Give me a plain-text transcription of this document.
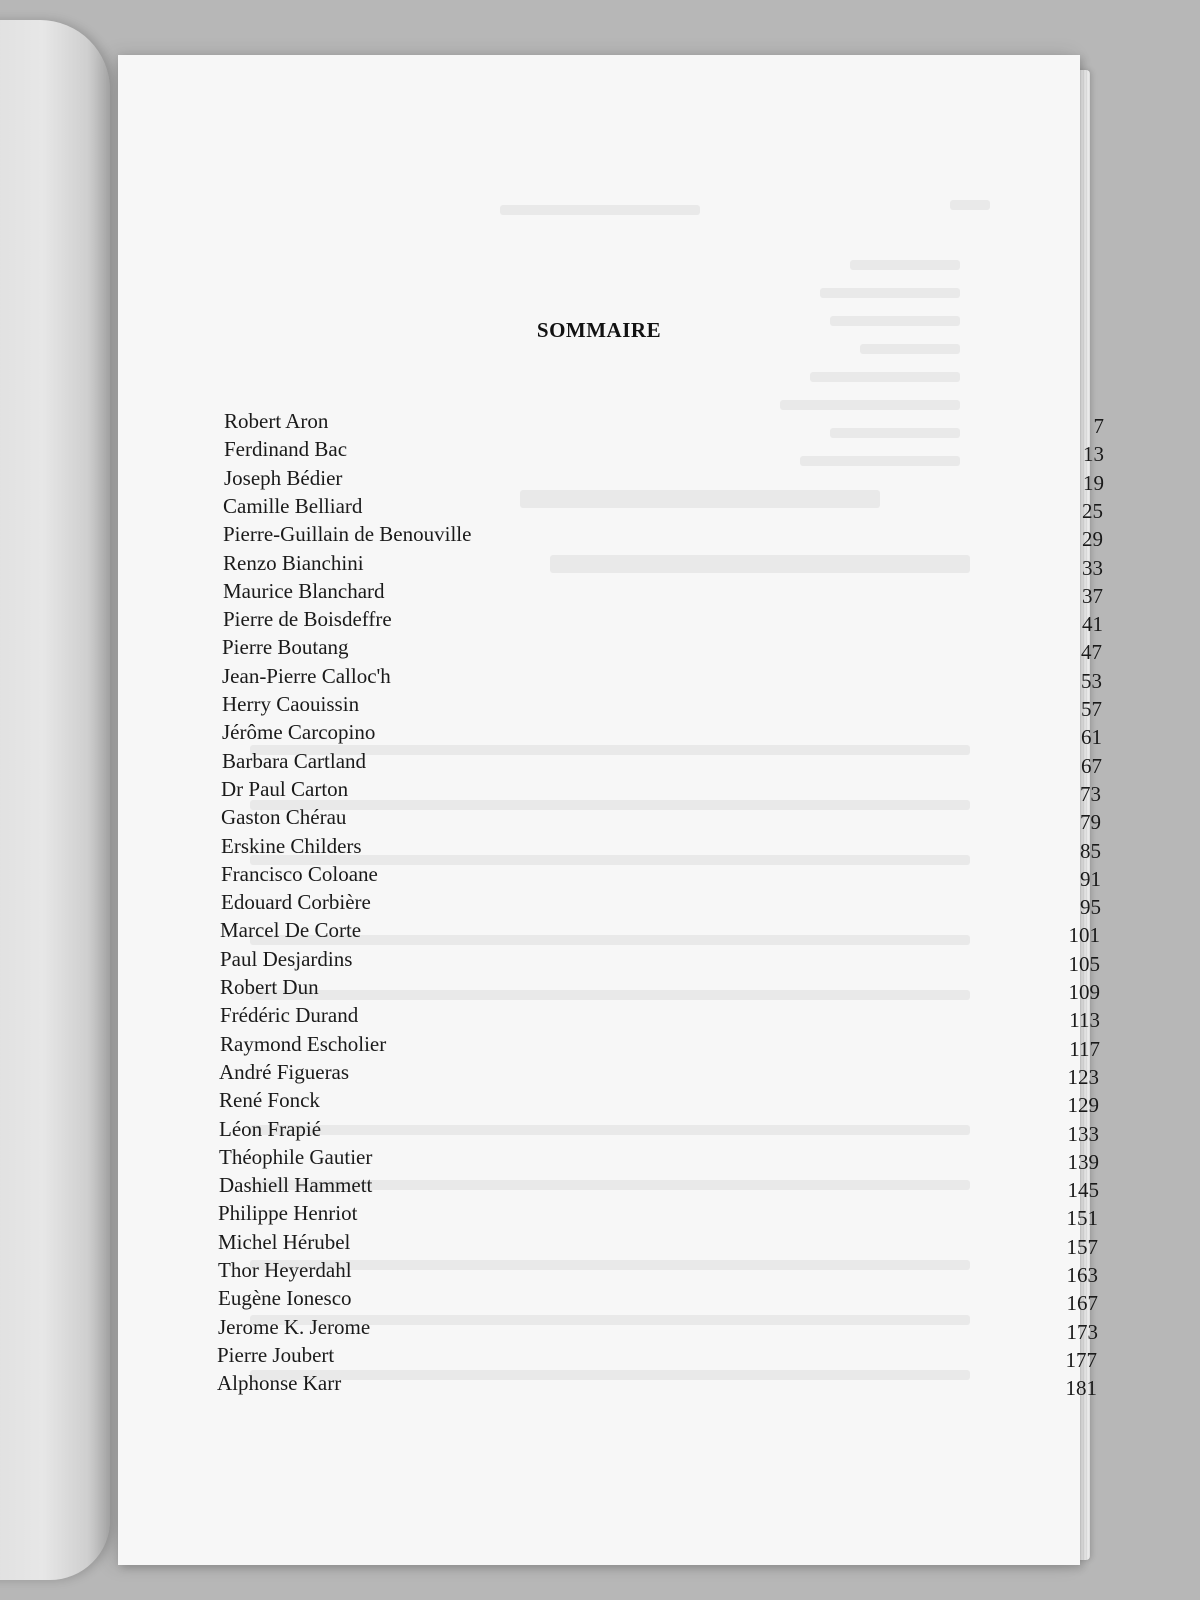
SOMMAIRE
Robert Aron	7
Ferdinand Bac	13
Joseph Bédier	19
Camille Belliard	25
Pierre-Guillain de Benouville	29
Renzo Bianchini	33
Maurice Blanchard	37
Pierre de Boisdeffre	41
Pierre Boutang	47
Jean-Pierre Calloc'h	53
Herry Caouissin	57
Jérôme Carcopino	61
Barbara Cartland	67
Dr Paul Carton	73
Gaston Chérau	79
Erskine Childers	85
Francisco Coloane	91
Edouard Corbière	95
Marcel De Corte	101
Paul Desjardins	105
Robert Dun	109
Frédéric Durand	113
Raymond Escholier	117
André Figueras	123
René Fonck	129
Léon Frapié	133
Théophile Gautier	139
Dashiell Hammett	145
Philippe Henriot	151
Michel Hérubel	157
Thor Heyerdahl	163
Eugène Ionesco	167
Jerome K. Jerome	173
Pierre Joubert	177
Alphonse Karr	181
